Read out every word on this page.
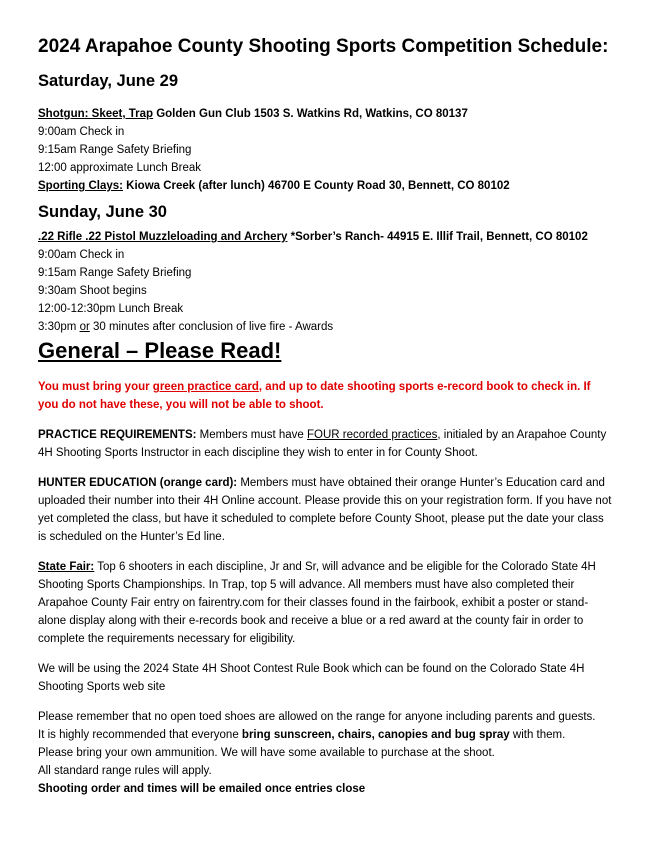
2024 Arapahoe County Shooting Sports Competition Schedule:
Saturday, June 29

Shotgun: Skeet, Trap Golden Gun Club 1503 S. Watkins Rd, Watkins, CO 80137

9:00am Check in

9:15am Range Safety Briefing

12:00 approximate Lunch Break

Sporting Clays: Kiowa Creek (after lunch) 46700 E County Road 30, Bennett, CO 80102

Sunday, June 30

.22 Rifle .22 Pistol Muzzleloading and Archery *Sorber’s Ranch- 44915 E. Illif Trail, Bennett, CO 80102

9:00am Check in

9:15am Range Safety Briefing

9:30am Shoot begins

12:00-12:30pm Lunch Break

3:30pm or 30 minutes after conclusion of live fire - Awards

General – Please Read!

You must bring your green practice card, and up to date shooting sports e-record book to check in. If you do not have these, you will not be able to shoot.

PRACTICE REQUIREMENTS: Members must have FOUR recorded practices, initialed by an Arapahoe County 4H Shooting Sports Instructor in each discipline they wish to enter in for County Shoot.

HUNTER EDUCATION (orange card): Members must have obtained their orange Hunter’s Education card and uploaded their number into their 4H Online account. Please provide this on your registration form. If you have not yet completed the class, but have it scheduled to complete before County Shoot, please put the date your class is scheduled on the Hunter’s Ed line.

State Fair: Top 6 shooters in each discipline, Jr and Sr, will advance and be eligible for the Colorado State 4H Shooting Sports Championships. In Trap, top 5 will advance. All members must have also completed their Arapahoe County Fair entry on fairentry.com for their classes found in the fairbook, exhibit a poster or stand-alone display along with their e-records book and receive a blue or a red award at the county fair in order to complete the requirements necessary for eligibility.

We will be using the 2024 State 4H Shoot Contest Rule Book which can be found on the Colorado State 4H Shooting Sports web site

Please remember that no open toed shoes are allowed on the range for anyone including parents and guests.

It is highly recommended that everyone bring sunscreen, chairs, canopies and bug spray with them.

Please bring your own ammunition. We will have some available to purchase at the shoot.

All standard range rules will apply.

Shooting order and times will be emailed once entries close
